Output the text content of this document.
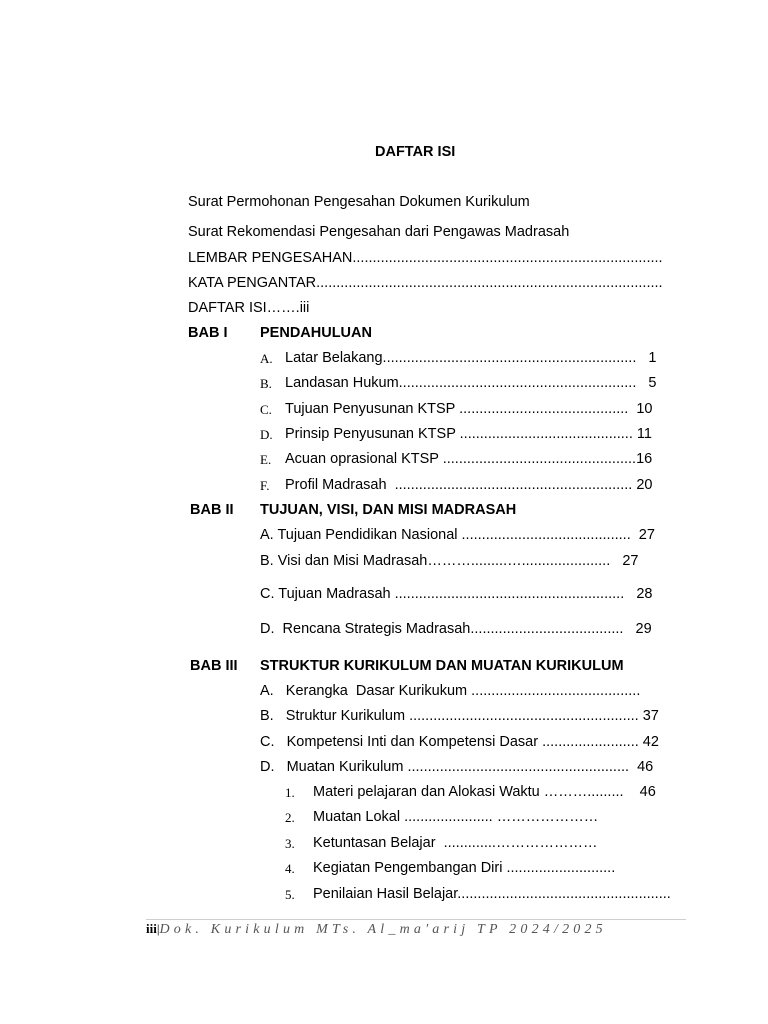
DAFTAR ISI
Surat Permohonan Pengesahan Dokumen Kurikulum
Surat Rekomendasi Pengesahan dari Pengawas Madrasah
LEMBAR PENGESAHAN.............................................................................
KATA PENGANTAR......................................................................................
DAFTAR ISI…….iii
BAB I PENDAHULUAN
A. Latar Belakang...............................................................   1
B. Landasan Hukum...........................................................   5
C. Tujuan Penyusunan KTSP ..........................................  10
D. Prinsip Penyusunan KTSP ........................................... 11
E. Acuan oprasional KTSP ................................................16
F. Profil Madrasah  ........................................................... 20
BAB II TUJUAN, VISI, DAN MISI MADRASAH
A. Tujuan Pendidikan Nasional ..........................................  27
B. Visi dan Misi Madrasah……….........…......................   27
C. Tujuan Madrasah .........................................................   28
D.  Rencana Strategis Madrasah......................................   29
BAB III STRUKTUR KURIKULUM DAN MUATAN KURIKULUM
A.   Kerangka  Dasar Kurikukum ..........................................
B.   Struktur Kurikulum ......................................................... 37
C.   Kompetensi Inti dan Kompetensi Dasar ........................ 42
D.   Muatan Kurikulum .......................................................  46
1. Materi pelajaran dan Alokasi Waktu ……….........    46
2. Muatan Lokal ...................... …………………
3. Ketuntasan Belajar  .............…………………
4. Kegiatan Pengembangan Diri ...........................
5. Penilaian Hasil Belajar.....................................................
iii|Dok. Kurikulum MTs. Al_ma'arij TP 2024/2025
